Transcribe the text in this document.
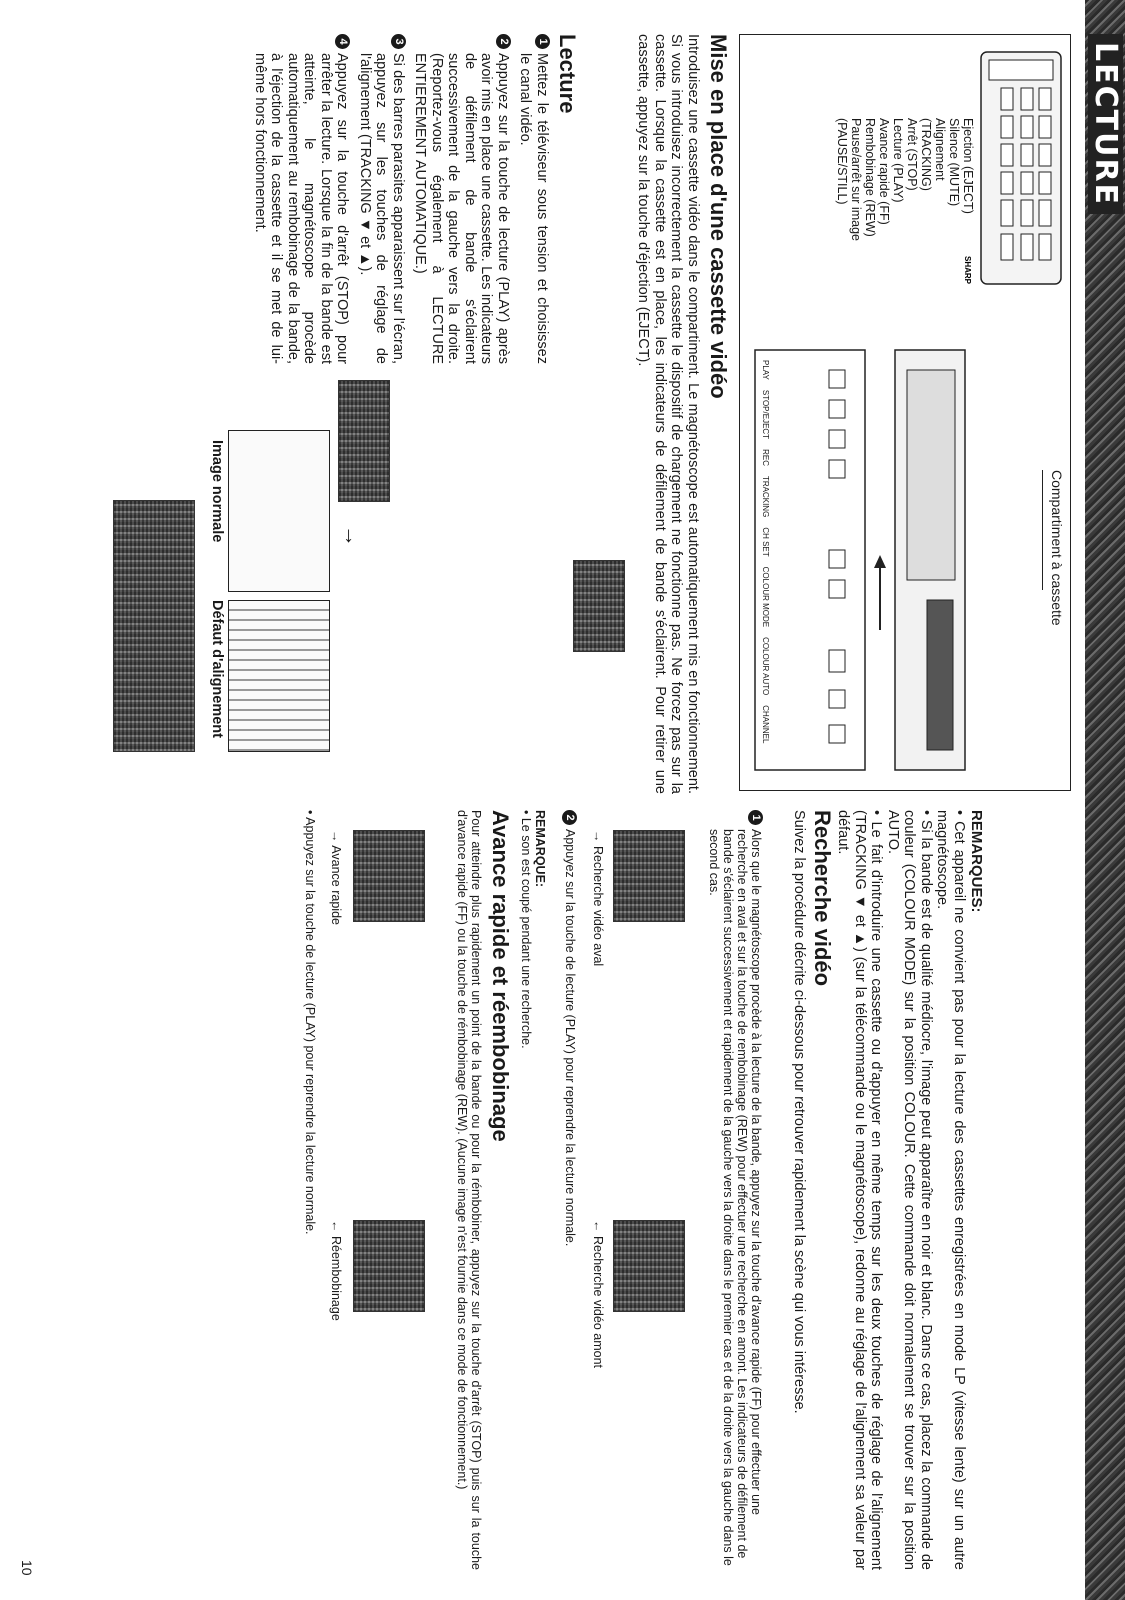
LECTURE
SHARP
Ejection (EJECT)
Silence (MUTE)
Alignement
(TRACKING)
Arrêt (STOP)
Lecture (PLAY)
Avance rapide (FF)
Rembobinage (REW)
Pause/arrêt sur image
(PAUSE/STILL)
Compartiment à cassette
PLAY
STOP/EJECT
REC
TRACKING
CH SET
COLOUR MODE
COLOUR AUTO
CHANNEL
Mise en place d'une cassette vidéo
Introduisez une cassette vidéo dans le compartiment. Le magnétoscope est automatiquement mis en fonctionnement. Si vous introduisez incorrectement la cassette le dispositif de chargement ne fonctionne pas. Ne forcez pas sur la cassette. Lorsque la cassette est en place, les indicateurs de défilement de bande s'éclairent. Pour retirer une cassette, appuyez sur la touche d'éjection (EJECT).
Lecture
1
Mettez le téléviseur sous tension et choisissez le canal vidéo.
2
Appuyez sur la touche de lecture (PLAY) après avoir mis en place une cassette. Les indicateurs de défilement de bande s'éclairent successivement de la gauche vers la droite. (Reportez-vous également à LECTURE ENTIEREMENT AUTOMATIQUE.)
3
Si des barres parasites apparaissent sur l'écran, appuyez sur les touches de réglage de l'alignement (TRACKING ▼ et ▲).
4
Appuyez sur la touche d'arrêt (STOP) pour arrêter la lecture. Lorsque la fin de la bande est atteinte, le magnétoscope procède automatiquement au rembobinage de la bande, à l'éjection de la cassette et il se met de lui-même hors fonctionnement.
→
Image normale
Défaut d'alignement
REMARQUES:
• Cet appareil ne convient pas pour la lecture des cassettes enregistrées en mode LP (vitesse lente) sur un autre magnétoscope.
• Si la bande est de qualité médiocre, l'image peut apparaître en noir et blanc. Dans ce cas, placez la commande de couleur (COLOUR MODE) sur la position COLOUR. Cette commande doit normalement se trouver sur la position AUTO.
• Le fait d'introduire une cassette ou d'appuyer en même temps sur les deux touches de réglage de l'alignement (TRACKING ▼ et ▲) (sur la télécommande ou le magnétoscope), redonne au réglage de l'alignement sa valeur par défaut.
Recherche vidéo
Suivez la procédure décrite ci-dessous pour retrouver rapidement la scène qui vous intéresse.
1
Alors que le magnétoscope procède à la lecture de la bande, appuyez sur la touche d'avance rapide (FF) pour effectuer une recherche en aval et sur la touche de rembobinage (REW) pour effectuer une recherche en amont. Les indicateurs de défilement de bande s'éclairent successivement et rapidement de la gauche vers la droite dans le premier cas et de la droite vers la gauche dans le second cas.
→ Recherche vidéo aval
← Recherche vidéo amont
2
Appuyez sur la touche de lecture (PLAY) pour reprendre la lecture normale.
REMARQUE:
• Le son est coupé pendant une recherche.
Avance rapide et réembobinage
Pour atteindre plus rapidement un point de la bande ou pour la rémbobiner, appuyez sur la touche d'arrêt (STOP) puis sur la touche d'avance rapide (FF) ou la touche de rémbobinage (REW). (Aucune image n'est fournie dans ce mode de fonctionnement.)
→ Avance rapide
← Réembobinage
• Appuyez sur la touche de lecture (PLAY) pour reprendre la lecture normale.
10
